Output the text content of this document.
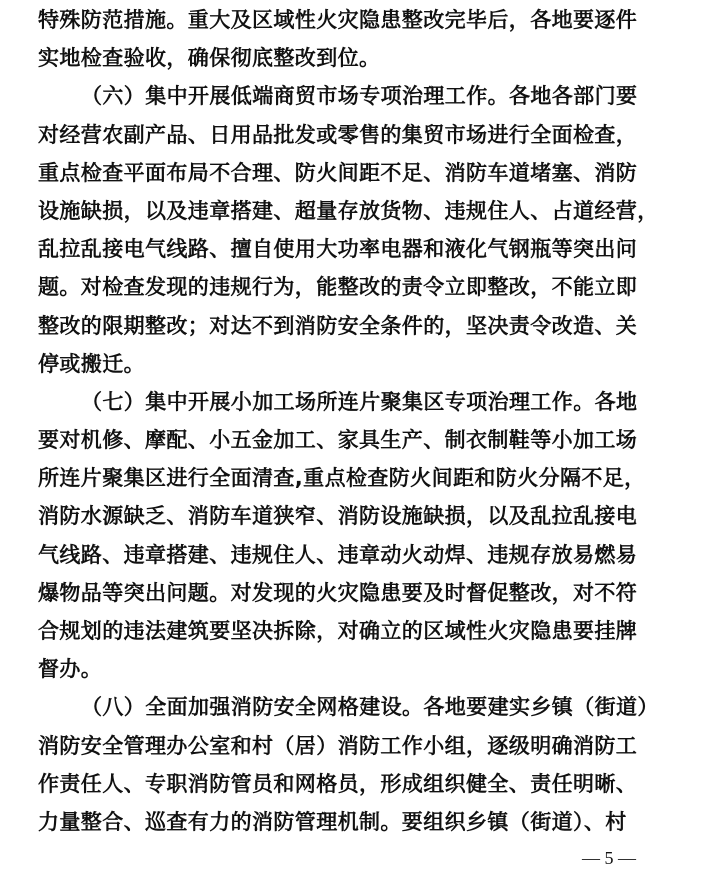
特殊防范措施。重大及区域性火灾隐患整改完毕后，各地要逐件
实地检查验收，确保彻底整改到位。
（六）集中开展低端商贸市场专项治理工作。各地各部门要
对经营农副产品、日用品批发或零售的集贸市场进行全面检查，
重点检查平面布局不合理、防火间距不足、消防车道堵塞、消防
设施缺损，以及违章搭建、超量存放货物、违规住人、占道经营，
乱拉乱接电气线路、擅自使用大功率电器和液化气钢瓶等突出问
题。对检查发现的违规行为，能整改的责令立即整改，不能立即
整改的限期整改；对达不到消防安全条件的，坚决责令改造、关
停或搬迁。
（七）集中开展小加工场所连片聚集区专项治理工作。各地
要对机修、摩配、小五金加工、家具生产、制衣制鞋等小加工场
所连片聚集区进行全面清查,重点检查防火间距和防火分隔不足，
消防水源缺乏、消防车道狭窄、消防设施缺损，以及乱拉乱接电
气线路、违章搭建、违规住人、违章动火动焊、违规存放易燃易
爆物品等突出问题。对发现的火灾隐患要及时督促整改，对不符
合规划的违法建筑要坚决拆除，对确立的区域性火灾隐患要挂牌
督办。
（八）全面加强消防安全网格建设。各地要建实乡镇（街道）
消防安全管理办公室和村（居）消防工作小组，逐级明确消防工
作责任人、专职消防管员和网格员，形成组织健全、责任明晰、
力量整合、巡查有力的消防管理机制。要组织乡镇（街道）、村
— 5 —
